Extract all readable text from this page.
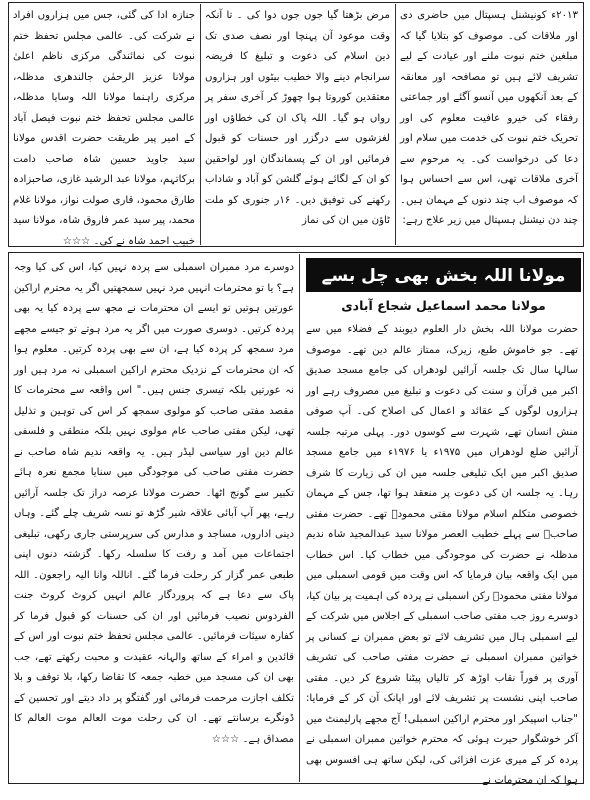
۲۰۱۳ء کونیشنل ہسپتال میں حاضری دی اور ملاقات کی۔ موصوف کو بتلایا گیا کہ مبلغین ختم نبوت ملنے اور عیادت کے لیے تشریف لائے ہیں تو مصافحہ اور معانقہ کے بعد آنکھوں میں آنسو آگئے اور جماعتی رفقاء کی خیرو عافیت معلوم کی اور تحریک ختم نبوت کی خدمت میں سلام اور دعا کی درخواست کی۔ یہ مرحوم سے آخری ملاقات تھی، اس سے احساس ہوا کہ موصوف اب چند دنوں کے مہمان ہیں۔ چند دن نیشنل ہسپتال میں زیر علاج رہے:

مرض بڑھتا گیا جوں جوں دوا کی ۔ تا آنکہ وقت موعود آن پہنچا اور نصف صدی تک دین اسلام کی دعوت و تبلیغ کا فریضہ سرانجام دینے والا خطیب بیٹوں اور ہزاروں معتقدین کوروتا ہوا چھوڑ کر آخری سفر پر رواں ہو گیا۔ اللہ پاک ان کی خطاؤں اور لغزشوں سے درگزر اور حسنات کو قبول فرمائیں اور ان کے پسماندگان اور لواحقین کو ان کے لگائے ہوئے گلشن کو آباد و شاداب رکھنے کی توفیق دیں۔ ۱۶ر جنوری کو ملت ٹاؤن میں ان کی نماز

جنازہ ادا کی گئی، جس میں ہزاروں افراد نے شرکت کی۔ عالمی مجلس تحفظ ختم نبوت کی نمائندگی مرکزی ناظم اعلیٰ مولانا عزیز الرحمٰن جالندھری مدظلہ، مرکزی راہنما مولانا اللہ وسایا مدظلہ، عالمی مجلس تحفظ ختم نبوت فیصل آباد کے امیر پیر طریقت حضرت اقدس مولانا سید جاوید حسین شاہ صاحب دامت برکاتہم، مولانا عبد الرشید غازی، صاحبزادہ طارق محمود، قاری صولت نواز، مولانا غلام محمد، پیر سید عمر فاروق شاہ، مولانا سید خبیب احمد شاہ نے کی۔ ☆☆☆

مولانا اللہ بخش بھی چل بسے
مولانا محمد اسماعیل شجاع آبادی

حضرت مولانا اللہ بخش دار العلوم دیوبند کے فضلاء میں سے تھے۔ جو خاموش طبع، زیرک، ممتاز عالم دین تھے۔ موصوف سالہا سال تک جلسہ آرائیں لودھراں کی جامع مسجد صدیق اکبر میں قرآن و سنت کی دعوت و تبلیغ میں مصروف رہے اور ہزاروں لوگوں کے عقائد و اعمال کی اصلاح کی۔ آپ صوفی منش انسان تھے، شہرت سے کوسوں دور۔ پہلی مرتبہ جلسہ آرائیں ضلع لودھراں میں ۱۹۷۵ء یا ۱۹۷۶ء میں جامع مسجد صدیق اکبر میں ایک تبلیغی جلسہ میں ان کی زیارت کا شرف رہا۔ یہ جلسہ ان کی دعوت پر منعقد ہوا تھا، جس کے مہمان خصوصی متکلم اسلام مولانا مفتی محمودؒ تھے۔ حضرت مفتی صاحبؒ سے پہلے خطیب العصر مولانا سید عبدالمجید شاہ ندیم مدظلہ نے حضرت کی موجودگی میں خطاب کیا۔ اس خطاب میں ایک واقعہ بیان فرمایا کہ اس وقت میں قومی اسمبلی میں مولانا مفتی محمودؒ رکن اسمبلی نے پردہ کی اہمیت پر بیان کیا، دوسرے روز جب مفتی صاحب اسمبلی کے اجلاس میں شرکت کے لیے اسمبلی ہال میں تشریف لائے تو بعض ممبران نے کسانی پر خواتین ممبران اسمبلی نے حضرت مفتی صاحب کی تشریف آوری پر فوراً نقاب اوڑھ کر تالیاں پیٹنا شروع کر دیں۔ مفتی صاحب اپنی نشست پر تشریف لائے اور اپانک آن کر کے فرمایا: "جناب اسپیکر اور محترم اراکین اسمبلی! آج مجھے پارلیمنٹ میں آکر خوشگوار حیرت ہوئی کہ محترم خواتین ممبران اسمبلی نے پردہ کر کے میری عزت افزائی کی، لیکن ساتھ ہی افسوس بھی ہوا کہ ان محترمات نے

دوسرے مرد ممبران اسمبلی سے پردہ نہیں کیا، اس کی کیا وجہ ہے؟ یا تو محترمات انہیں مرد نہیں سمجھتیں اگر یہ محترم اراکین عورتیں ہوتیں تو ایسے ان محترمات نے مجھ سے پردہ کیا یہ بھی پردہ کرتیں۔ دوسری صورت میں اگر یہ مرد ہوتے تو جیسے مجھے مرد سمجھ کر پردہ کیا ہے، ان سے بھی پردہ کرتیں۔ معلوم ہوا کہ ان محترمات کے نزدیک محترم اراکین اسمبلی نہ مرد ہیں اور نہ عورتیں بلکہ تیسری جنس ہیں۔" اس واقعہ سے محترمات کا مقصد مفتی صاحب کو مولوی سمجھ کر اس کی توہین و تذلیل تھی، لیکن مفتی صاحب عام مولوی نہیں بلکہ منطقی و فلسفی عالم دین اور سیاسی لیڈر ہیں۔ یہ واقعہ ندیم شاہ صاحب نے حضرت مفتی صاحب کی موجودگی میں سنایا مجمع نعرہ ہائے تکبیر سے گونج اٹھا۔ حضرت مولانا عرصہ دراز تک جلسہ آرائیں رہے، پھر آپ آبائی علاقہ شیر گڑھ تو نسہ شریف چلے گئے۔ وہاں دینی اداروں، مساجد و مدارس کی سرپرستی جاری رکھی، تبلیغی اجتماعات میں آمد و رفت کا سلسلہ رکھا۔ گزشتہ دنوں اپنی طبعی عمر گزار کر رحلت فرما گئے۔ اناللہ وانا الیہ راجعون۔ اللہ پاک سے دعا ہے کہ پروردگار عالم انہیں کروٹ کروٹ جنت الفردوس نصیب فرمائیں اور ان کی حسنات کو قبول فرما کر کفارہ سیئات فرمائیں۔ عالمی مجلس تحفظ ختم نبوت اور اس کے قائدین و امراء کے ساتھ والہانہ عقیدت و محبت رکھتے تھے، جب بھی ان کی مسجد میں خطبہ جمعہ کا تقاضا رکھا، بلا توقف و بلا تکلف اجازت مرحمت فرمائی اور گفتگو پر داد دیتے اور تحسین کے ڈونگرے برسانتے تھے۔ ان کی رحلت موت العالم موت العالم کا مصداق ہے۔ ☆☆☆
